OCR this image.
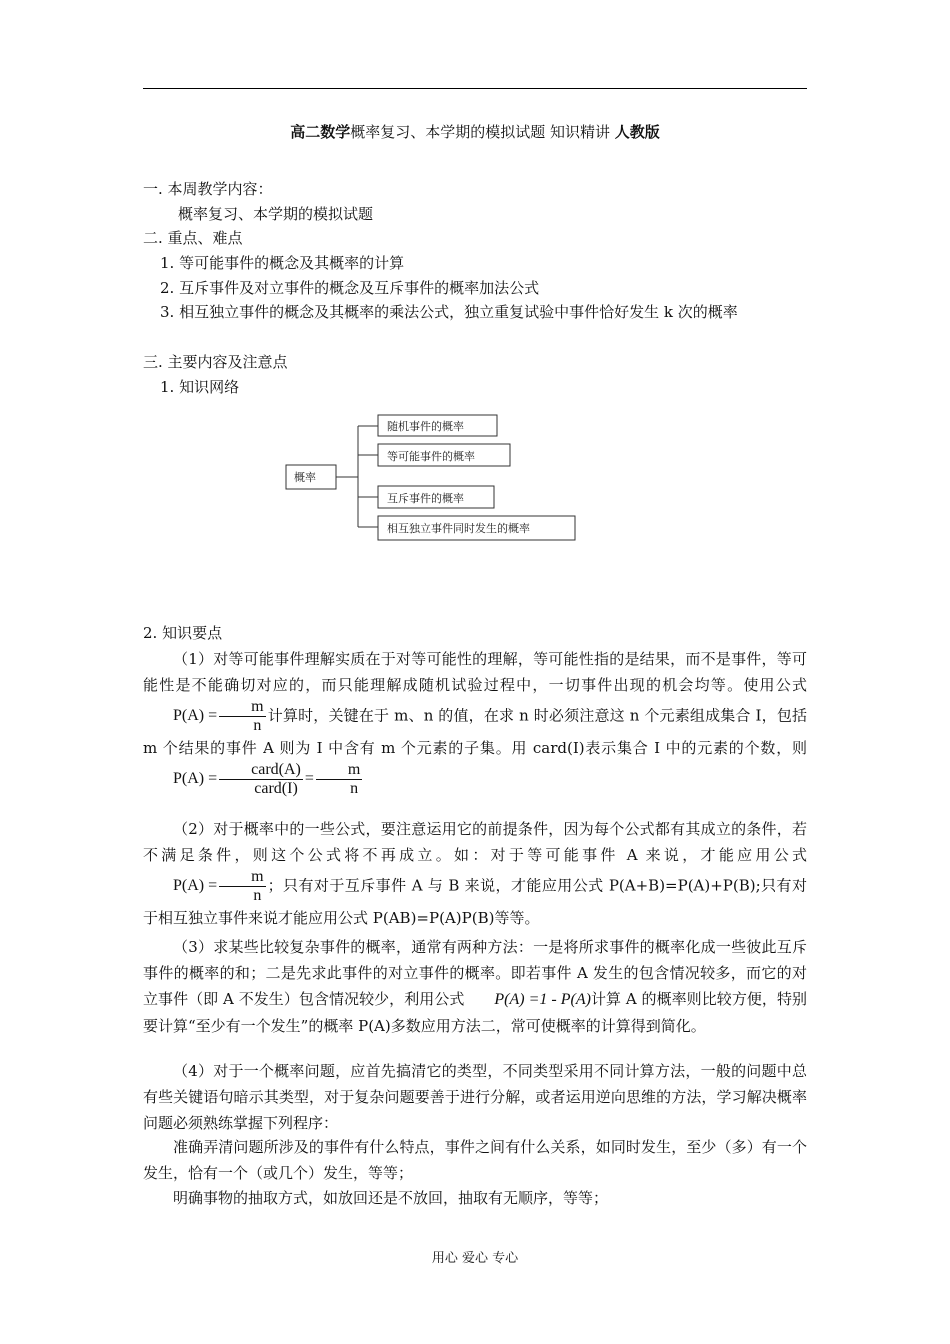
高二数学概率复习、本学期的模拟试题 知识精讲 人教版
一. 本周教学内容：
概率复习、本学期的模拟试题
二. 重点、难点
1. 等可能事件的概念及其概率的计算
2. 互斥事件及对立事件的概念及互斥事件的概率加法公式
3. 相互独立事件的概念及其概率的乘法公式，独立重复试验中事件恰好发生 k 次的概率
三. 主要内容及注意点
1. 知识网络
概率
随机事件的概率
等可能事件的概率
互斥事件的概率
相互独立事件同时发生的概率
2. 知识要点
（1）对等可能事件理解实质在于对等可能性的理解，等可能性指的是结果，而不是事件，等可能性是不能确切对应的，而只能理解成随机试验过程中，一切事件出现的机会均等。使用公式$P(A) = \frac{m}{n}$ 计算时，关键在于 m、n 的值，在求 n 时必须注意这 n 个元素组成集合 I，包括 m 个结果的事件 A 则为 I 中含有 m 个元素的子集。用 card(I)表示集合 I 中的元素的个数，则 $P(A) = \frac{\text{card(A)}}{\text{card(I)}} = \frac{m}{n}$
（2）对于概率中的一些公式，要注意运用它的前提条件，因为每个公式都有其成立的条件，若不满足条件，则这个公式将不再成立。如：对于等可能事件 A 来说，才能应用公式$P(A) = \frac{m}{n}$ ；只有对于互斥事件 A 与 B 来说，才能应用公式 P(A+B)=P(A)+P(B);只有对于相互独立事件来说才能应用公式 P(AB)=P(A)P(B)等等。
（3）求某些比较复杂事件的概率，通常有两种方法：一是将所求事件的概率化成一些彼此互斥事件的概率的和；二是先求此事件的对立事件的概率。即若事件 A 发生的包含情况较多，而它的对立事件（即 A 不发生）包含情况较少，利用公式 P(A) =1 - P(A)计算 A 的概率则比较方便，特别要计算“至少有一个发生”的概率 P(A)多数应用方法二，常可使概率的计算得到简化。
（4）对于一个概率问题，应首先搞清它的类型，不同类型采用不同计算方法，一般的问题中总有些关键语句暗示其类型，对于复杂问题要善于进行分解，或者运用逆向思维的方法，学习解决概率问题必须熟练掌握下列程序：
准确弄清问题所涉及的事件有什么特点，事件之间有什么关系，如同时发生，至少（多）有一个发生，恰有一个（或几个）发生，等等；
明确事物的抽取方式，如放回还是不放回，抽取有无顺序，等等；
用心 爱心 专心
